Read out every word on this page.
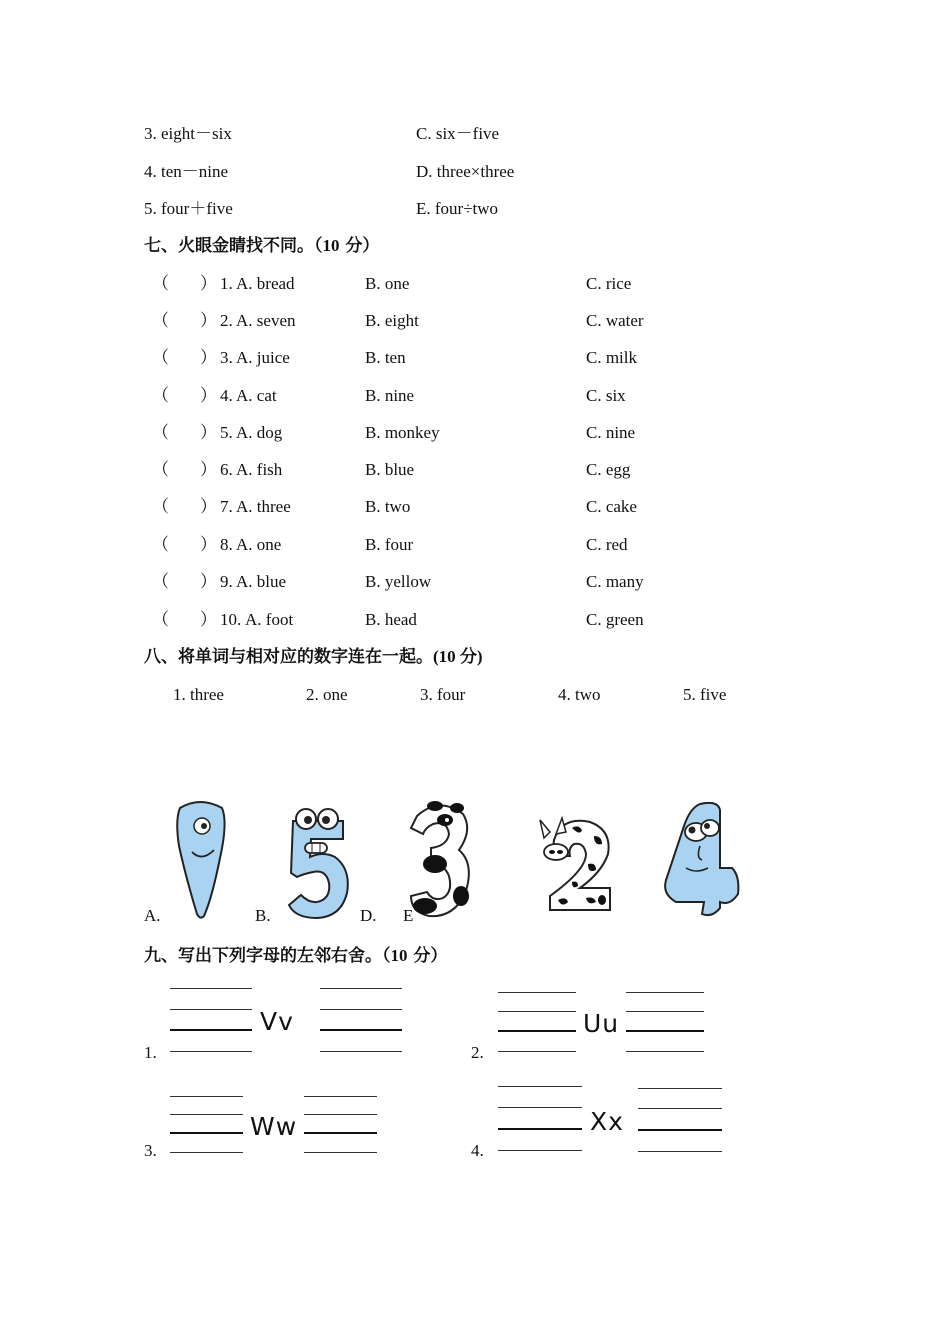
3. eight－six	C. six－five
4. ten－nine	D. three×three
5. four＋five	E. four÷two
七、火眼金睛找不同。（10 分）
（ ） 1. A. bread	B. one	C. rice
（ ） 2. A. seven	B. eight	C. water
（ ） 3. A. juice	B. ten	C. milk
（ ） 4. A. cat	B. nine	C. six
（ ） 5. A. dog	B. monkey	C. nine
（ ） 6. A. fish	B. blue	C. egg
（ ） 7. A. three	B. two	C. cake
（ ） 8. A. one	B. four	C. red
（ ） 9. A. blue	B. yellow	C. many
（ ） 10. A. foot	B. head	C. green
八、将单词与相对应的数字连在一起。(10 分)
1. three	2. one	3. four	4. two	5. five
A.	B.	D. E
九、写出下列字母的左邻右舍。（10 分）
1.
Vv
2.
Uu
3.
Ww
4.
Xx
